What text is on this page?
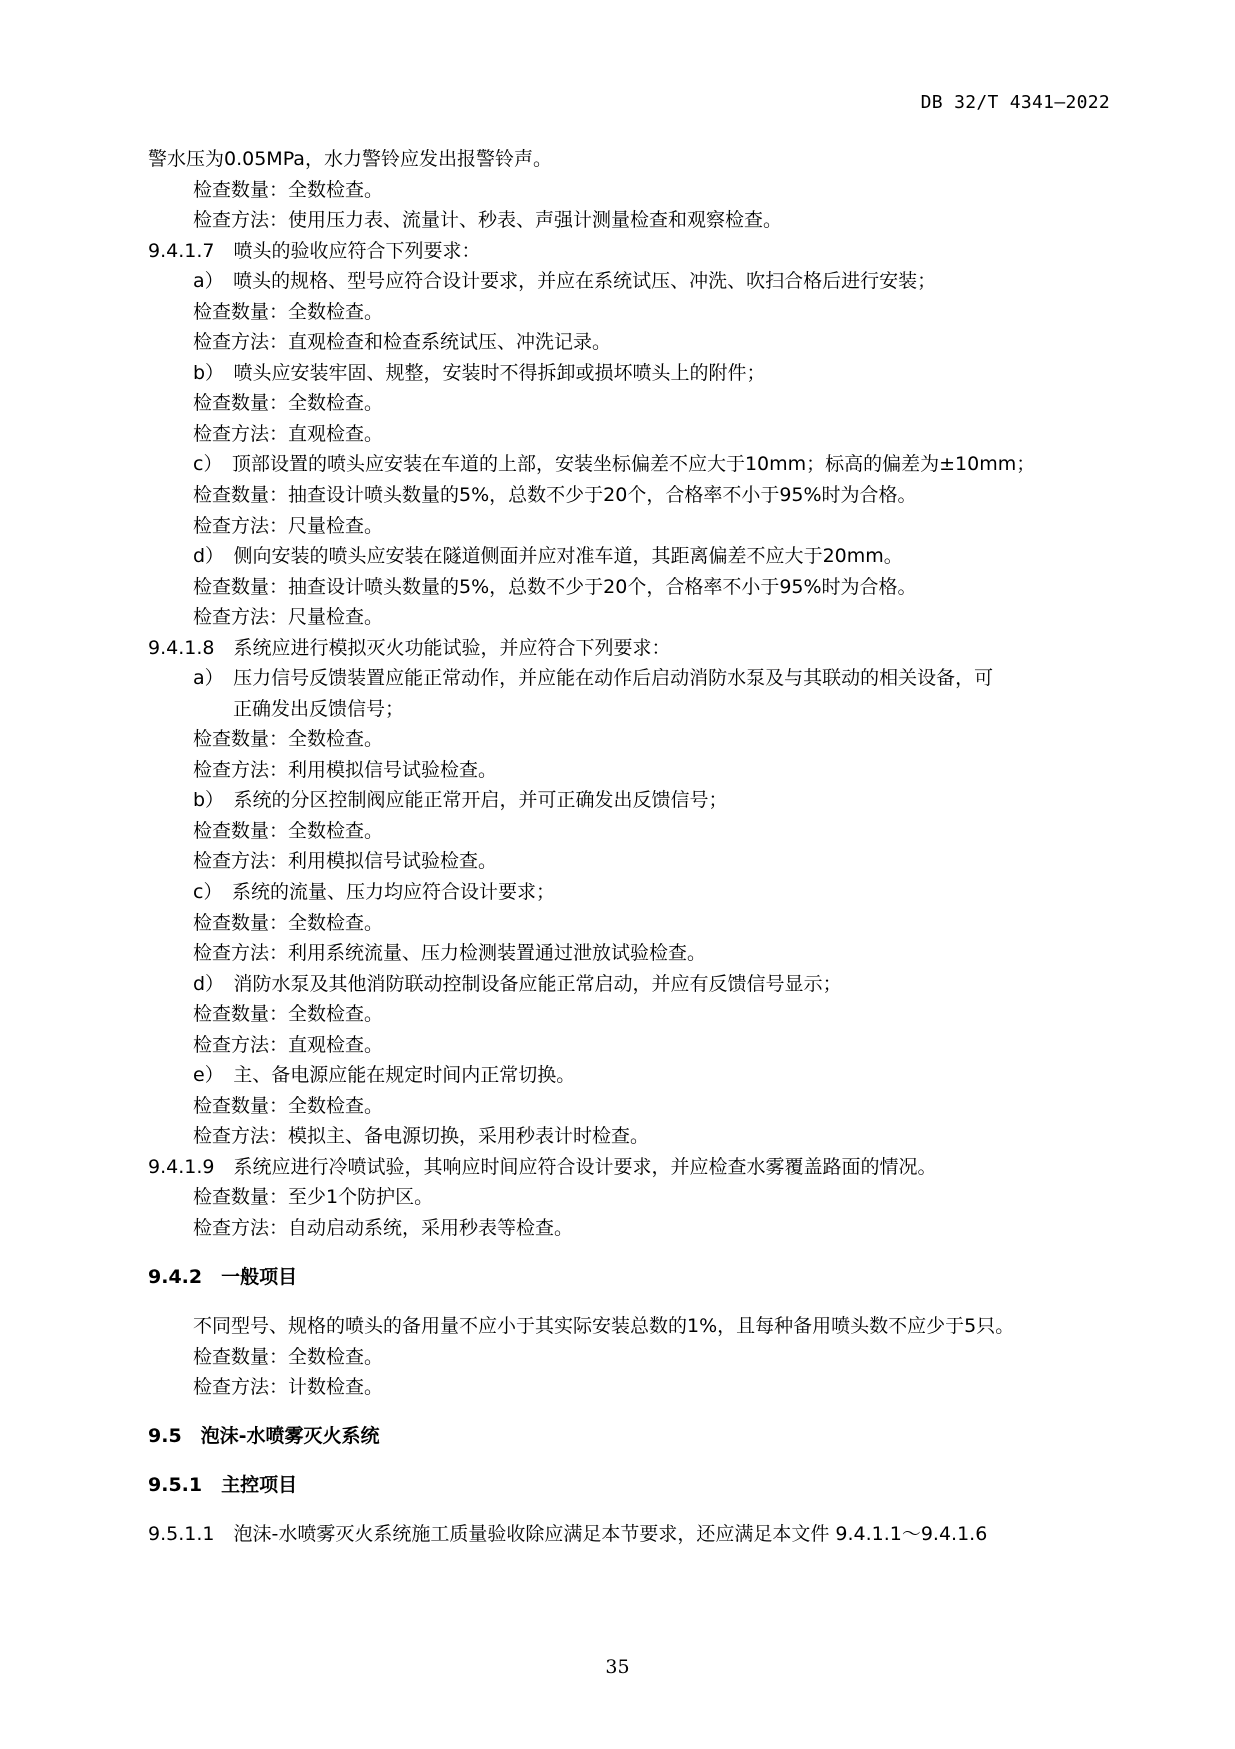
DB 32/T 4341—2022
警水压为0.05MPa，水力警铃应发出报警铃声。
检查数量：全数检查。
检查方法：使用压力表、流量计、秒表、声强计测量检查和观察检查。
9.4.1.7　喷头的验收应符合下列要求：
a）　喷头的规格、型号应符合设计要求，并应在系统试压、冲洗、吹扫合格后进行安装；
检查数量：全数检查。
检查方法：直观检查和检查系统试压、冲洗记录。
b）　喷头应安装牢固、规整，安装时不得拆卸或损坏喷头上的附件；
检查数量：全数检查。
检查方法：直观检查。
c）　顶部设置的喷头应安装在车道的上部，安装坐标偏差不应大于10mm；标高的偏差为±10mm；
检查数量：抽查设计喷头数量的5%，总数不少于20个，合格率不小于95%时为合格。
检查方法：尺量检查。
d）　侧向安装的喷头应安装在隧道侧面并应对准车道，其距离偏差不应大于20mm。
检查数量：抽查设计喷头数量的5%，总数不少于20个，合格率不小于95%时为合格。
检查方法：尺量检查。
9.4.1.8　系统应进行模拟灭火功能试验，并应符合下列要求：
a）　压力信号反馈装置应能正常动作，并应能在动作后启动消防水泵及与其联动的相关设备，可
正确发出反馈信号；
检查数量：全数检查。
检查方法：利用模拟信号试验检查。
b）　系统的分区控制阀应能正常开启，并可正确发出反馈信号；
检查数量：全数检查。
检查方法：利用模拟信号试验检查。
c）　系统的流量、压力均应符合设计要求；
检查数量：全数检查。
检查方法：利用系统流量、压力检测装置通过泄放试验检查。
d）　消防水泵及其他消防联动控制设备应能正常启动，并应有反馈信号显示；
检查数量：全数检查。
检查方法：直观检查。
e）　主、备电源应能在规定时间内正常切换。
检查数量：全数检查。
检查方法：模拟主、备电源切换，采用秒表计时检查。
9.4.1.9　系统应进行冷喷试验，其响应时间应符合设计要求，并应检查水雾覆盖路面的情况。
检查数量：至少1个防护区。
检查方法：自动启动系统，采用秒表等检查。
9.4.2　一般项目
不同型号、规格的喷头的备用量不应小于其实际安装总数的1%，且每种备用喷头数不应少于5只。
检查数量：全数检查。
检查方法：计数检查。
9.5　泡沫-水喷雾灭火系统
9.5.1　主控项目
9.5.1.1　泡沫-水喷雾灭火系统施工质量验收除应满足本节要求，还应满足本文件 9.4.1.1～9.4.1.6
35
